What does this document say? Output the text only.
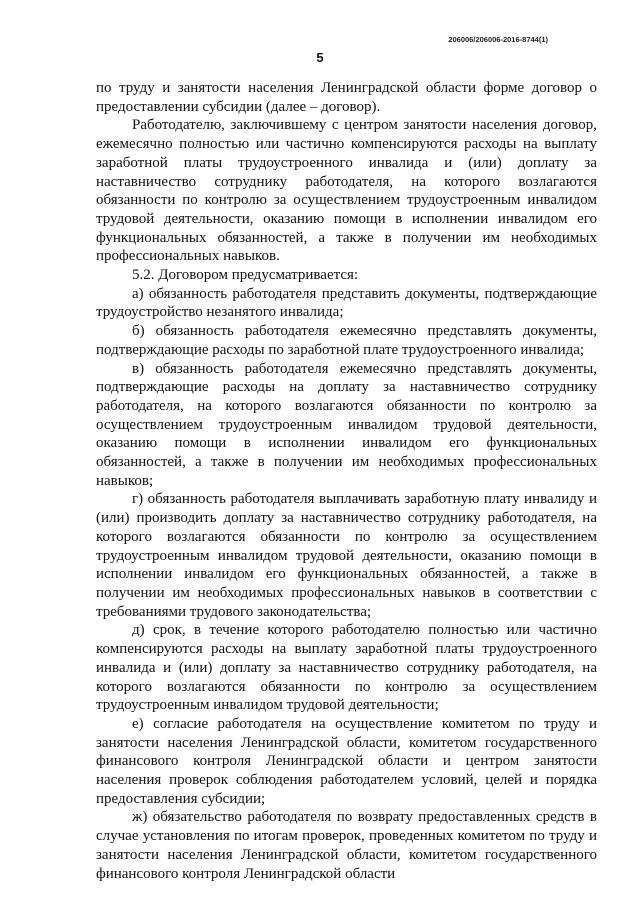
206006/206006-2016-8744(1)
5

по труду и занятости населения Ленинградской области форме договор о предоставлении субсидии (далее – договор).

Работодателю, заключившему с центром занятости населения договор, ежемесячно полностью или частично компенсируются расходы на выплату заработной платы трудоустроенного инвалида и (или) доплату за наставничество сотруднику работодателя, на которого возлагаются обязанности по контролю за осуществлением трудоустроенным инвалидом трудовой деятельности, оказанию помощи в исполнении инвалидом его функциональных обязанностей, а также в получении им необходимых профессиональных навыков.

5.2. Договором предусматривается:

а) обязанность работодателя представить документы, подтверждающие трудоустройство незанятого инвалида;

б) обязанность работодателя ежемесячно представлять документы, подтверждающие расходы по заработной плате трудоустроенного инвалида;

в) обязанность работодателя ежемесячно представлять документы, подтверждающие расходы на доплату за наставничество сотруднику работодателя, на которого возлагаются обязанности по контролю за осуществлением трудоустроенным инвалидом трудовой деятельности, оказанию помощи в исполнении инвалидом его функциональных обязанностей, а также в получении им необходимых профессиональных навыков;

г) обязанность работодателя выплачивать заработную плату инвалиду и (или) производить доплату за наставничество сотруднику работодателя, на которого возлагаются обязанности по контролю за осуществлением трудоустроенным инвалидом трудовой деятельности, оказанию помощи в исполнении инвалидом его функциональных обязанностей, а также в получении им необходимых профессиональных навыков в соответствии с требованиями трудового законодательства;

д) срок, в течение которого работодателю полностью или частично компенсируются расходы на выплату заработной платы трудоустроенного инвалида и (или) доплату за наставничество сотруднику работодателя, на которого возлагаются обязанности по контролю за осуществлением трудоустроенным инвалидом трудовой деятельности;

е) согласие работодателя на осуществление комитетом по труду и занятости населения Ленинградской области, комитетом государственного финансового контроля Ленинградской области и центром занятости населения проверок соблюдения работодателем условий, целей и порядка предоставления субсидии;

ж) обязательство работодателя по возврату предоставленных средств в случае установления по итогам проверок, проведенных комитетом по труду и занятости населения Ленинградской области, комитетом государственного финансового контроля Ленинградской области
